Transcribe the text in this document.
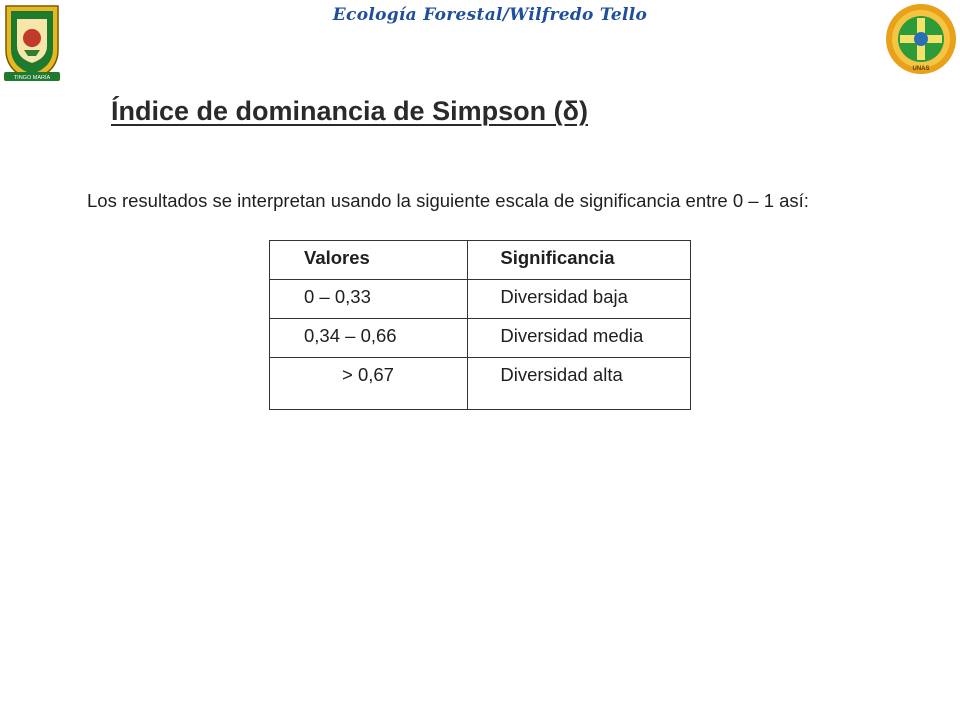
TINGO MARÍA
Ecología Forestal/Wilfredo Tello
UNAS
Índice de dominancia de Simpson (δ)
Los resultados se interpretan usando la siguiente escala de significancia entre 0 – 1 así:
Valores	Significancia

0 – 0,33	Diversidad baja

0,34 – 0,66	Diversidad media

> 0,67	Diversidad alta
